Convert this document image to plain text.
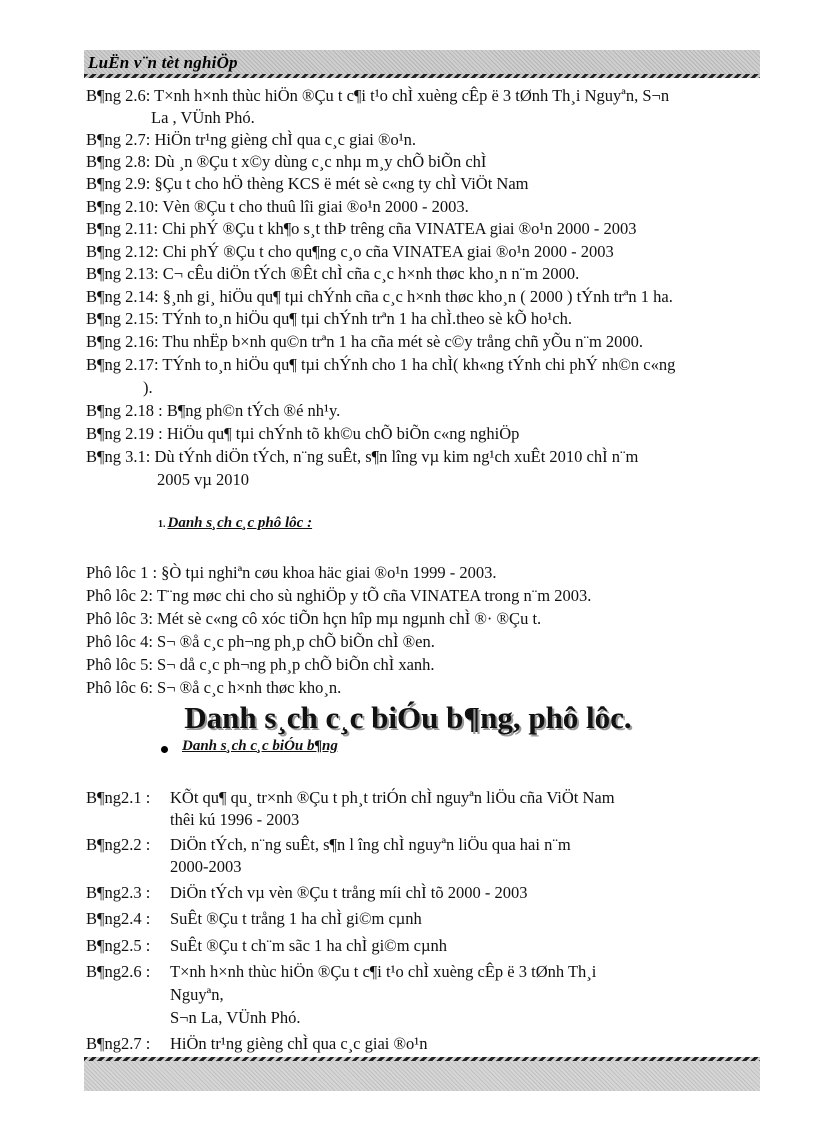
LuËn v¨n tèt nghiÖp
B¶ng 2.6: T×nh h×nh thùc hiÖn ®Çu t c¶i t¹o chÌ xuèng cÊp ë 3 tØnh Th¸i Nguyªn, S¬n
La , VÜnh Phó.
B¶ng 2.7: HiÖn tr¹ng gièng chÌ qua c¸c giai ®o¹n.
B¶ng 2.8: Dù ¸n ®Çu t x©y dùng c¸c nhµ m¸y chÕ biÕn chÌ
B¶ng 2.9: §Çu t cho hÖ thèng KCS ë mét sè c«ng ty chÌ ViÖt Nam
B¶ng 2.10: Vèn ®Çu t cho thuû lîi giai ®o¹n 2000 - 2003.
B¶ng 2.11: Chi phÝ ®Çu t kh¶o s¸t thÞ trêng cña VINATEA giai ®o¹n 2000 - 2003
B¶ng 2.12: Chi phÝ ®Çu t cho qu¶ng c¸o cña VINATEA giai ®o¹n 2000 - 2003
B¶ng 2.13: C¬ cÊu diÖn tÝch ®Êt chÌ cña c¸c h×nh thøc kho¸n n¨m 2000.
B¶ng 2.14: §¸nh gi¸ hiÖu qu¶ tµi chÝnh cña c¸c h×nh thøc kho¸n ( 2000 ) tÝnh trªn 1 ha.
B¶ng 2.15: TÝnh to¸n hiÖu qu¶ tµi chÝnh trªn 1 ha chÌ.theo sè kÕ ho¹ch.
B¶ng 2.16: Thu nhËp b×nh qu©n trªn 1 ha cña mét sè c©y trång chñ yÕu n¨m 2000.
B¶ng 2.17: TÝnh to¸n hiÖu qu¶ tµi chÝnh cho 1 ha chÌ( kh«ng tÝnh chi phÝ nh©n c«ng
).
B¶ng 2.18 : B¶ng ph©n tÝch ®é nh¹y.
B¶ng 2.19 : HiÖu qu¶ tµi chÝnh tõ kh©u chÕ biÕn c«ng nghiÖp
B¶ng 3.1: Dù tÝnh diÖn tÝch, n¨ng suÊt, s¶n lîng vµ kim ng¹ch xuÊt 2010 chÌ n¨m
2005 vµ 2010
1. Danh s¸ch c¸c phô lôc :
Phô lôc 1 : §Ò tµi nghiªn cøu khoa häc giai ®o¹n 1999 - 2003.
Phô lôc 2: T¨ng møc chi cho sù nghiÖp y tÕ cña VINATEA trong n¨m 2003.
Phô lôc 3: Mét sè c«ng cô xóc tiÕn hçn hîp mµ ngµnh chÌ ®· ®Çu t.
Phô lôc 4: S¬ ®å c¸c ph¬ng ph¸p chÕ biÕn chÌ ®en.
Phô lôc 5: S¬ då c¸c ph¬ng ph¸p chÕ biÕn chÌ xanh.
Phô lôc 6: S¬ ®å c¸c h×nh thøc kho¸n.
Danh s¸ch c¸c biÓu b¶ng, phô lôc.
Danh s¸ch c¸c biÓu b¶ng
B¶ng2.1 : KÕt qu¶ qu¸ tr×nh ®Çu t ph¸t triÓn chÌ nguyªn liÖu cña ViÖt Nam
thêi kú 1996 - 2003
B¶ng2.2 : DiÖn tÝch, n¨ng suÊt, s¶n l îng chÌ nguyªn liÖu qua hai n¨m
2000-2003
B¶ng2.3 : DiÖn tÝch vµ vèn ®Çu t trång míi chÌ tõ 2000 - 2003
B¶ng2.4 : SuÊt ®Çu t trång 1 ha chÌ gi©m cµnh
B¶ng2.5 : SuÊt ®Çu t ch¨m sãc 1 ha chÌ gi©m cµnh
B¶ng2.6 : T×nh h×nh thùc hiÖn ®Çu t c¶i t¹o chÌ xuèng cÊp ë 3 tØnh Th¸i
Nguyªn,
S¬n La, VÜnh Phó.
B¶ng2.7 : HiÖn tr¹ng gièng chÌ qua c¸c giai ®o¹n
